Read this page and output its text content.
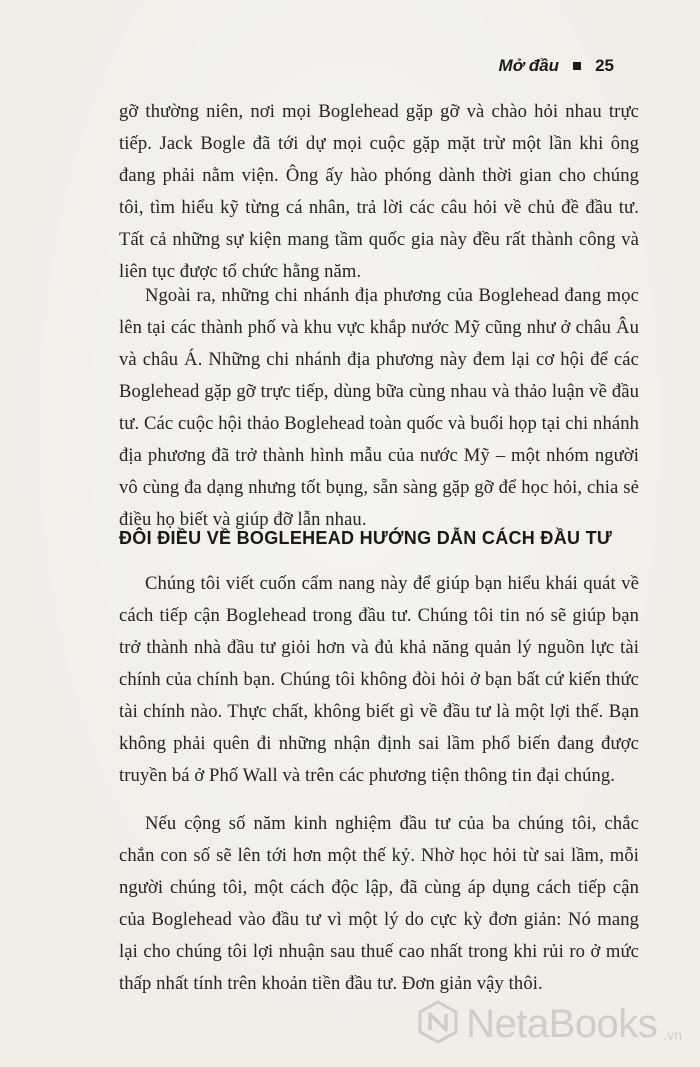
Mở đầu 25
gỡ thường niên, nơi mọi Boglehead gặp gỡ và chào hỏi nhau trực tiếp. Jack Bogle đã tới dự mọi cuộc gặp mặt trừ một lần khi ông đang phải nằm viện. Ông ấy hào phóng dành thời gian cho chúng tôi, tìm hiểu kỹ từng cá nhân, trả lời các câu hỏi về chủ đề đầu tư. Tất cả những sự kiện mang tầm quốc gia này đều rất thành công và liên tục được tổ chức hằng năm.
Ngoài ra, những chi nhánh địa phương của Boglehead đang mọc lên tại các thành phố và khu vực khắp nước Mỹ cũng như ở châu Âu và châu Á. Những chi nhánh địa phương này đem lại cơ hội để các Boglehead gặp gỡ trực tiếp, dùng bữa cùng nhau và thảo luận về đầu tư. Các cuộc hội thảo Boglehead toàn quốc và buổi họp tại chi nhánh địa phương đã trở thành hình mẫu của nước Mỹ – một nhóm người vô cùng đa dạng nhưng tốt bụng, sẵn sàng gặp gỡ để học hỏi, chia sẻ điều họ biết và giúp đỡ lẫn nhau.
ĐÔI ĐIỀU VỀ BOGLEHEAD HƯỚNG DẪN CÁCH ĐẦU TƯ
Chúng tôi viết cuốn cẩm nang này để giúp bạn hiểu khái quát về cách tiếp cận Boglehead trong đầu tư. Chúng tôi tin nó sẽ giúp bạn trở thành nhà đầu tư giỏi hơn và đủ khả năng quản lý nguồn lực tài chính của chính bạn. Chúng tôi không đòi hỏi ở bạn bất cứ kiến thức tài chính nào. Thực chất, không biết gì về đầu tư là một lợi thế. Bạn không phải quên đi những nhận định sai lầm phổ biến đang được truyền bá ở Phố Wall và trên các phương tiện thông tin đại chúng.
Nếu cộng số năm kinh nghiệm đầu tư của ba chúng tôi, chắc chắn con số sẽ lên tới hơn một thế kỷ. Nhờ học hỏi từ sai lầm, mỗi người chúng tôi, một cách độc lập, đã cùng áp dụng cách tiếp cận của Boglehead vào đầu tư vì một lý do cực kỳ đơn giản: Nó mang lại cho chúng tôi lợi nhuận sau thuế cao nhất trong khi rủi ro ở mức thấp nhất tính trên khoản tiền đầu tư. Đơn giản vậy thôi.
NetaBooks .vn
